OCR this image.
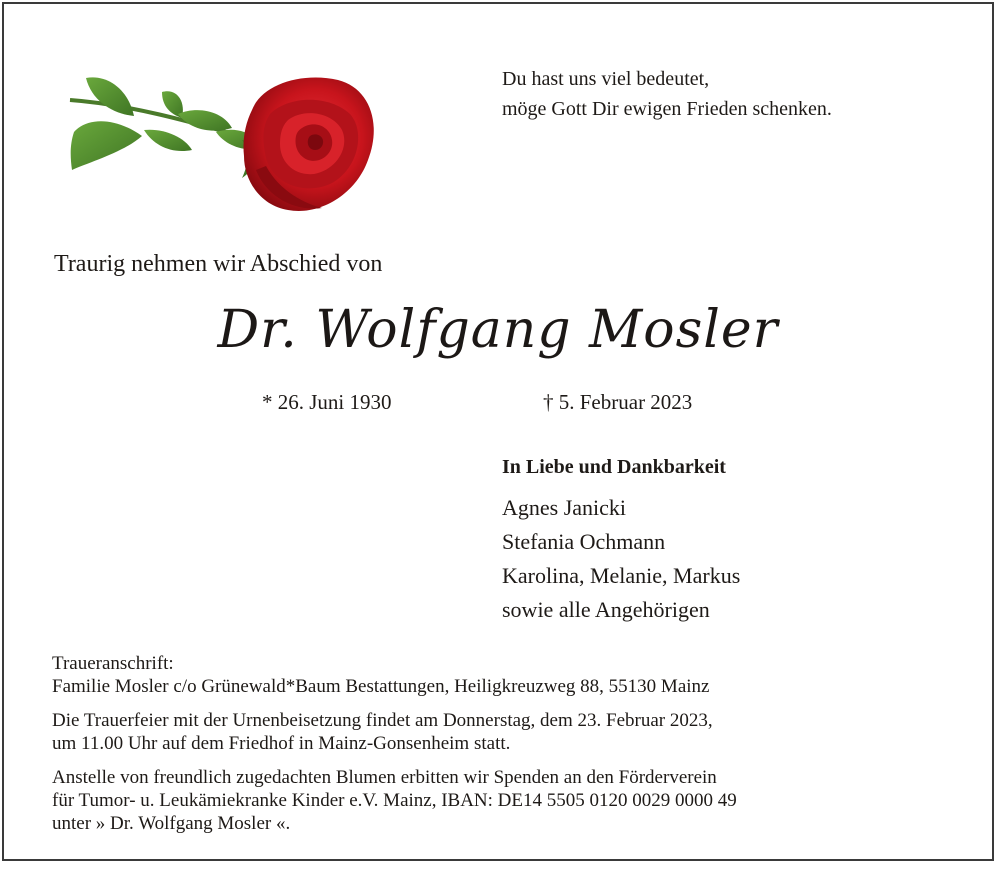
Du hast uns viel bedeutet,
möge Gott Dir ewigen Frieden schenken.
Traurig nehmen wir Abschied von
Dr. Wolfgang Mosler
* 26. Juni 1930	† 5. Februar 2023
In Liebe und Dankbarkeit
Agnes Janicki
Stefania Ochmann
Karolina, Melanie, Markus
sowie alle Angehörigen
Traueranschrift:
Familie Mosler c/o Grünewald*Baum Bestattungen, Heiligkreuzweg 88, 55130 Mainz
Die Trauerfeier mit der Urnenbeisetzung findet am Donnerstag, dem 23. Februar 2023,
um 11.00 Uhr auf dem Friedhof in Mainz-Gonsenheim statt.
Anstelle von freundlich zugedachten Blumen erbitten wir Spenden an den Förderverein
für Tumor- u. Leukämiekranke Kinder e.V. Mainz, IBAN: DE14 5505 0120 0029 0000 49
unter » Dr. Wolfgang Mosler «.
